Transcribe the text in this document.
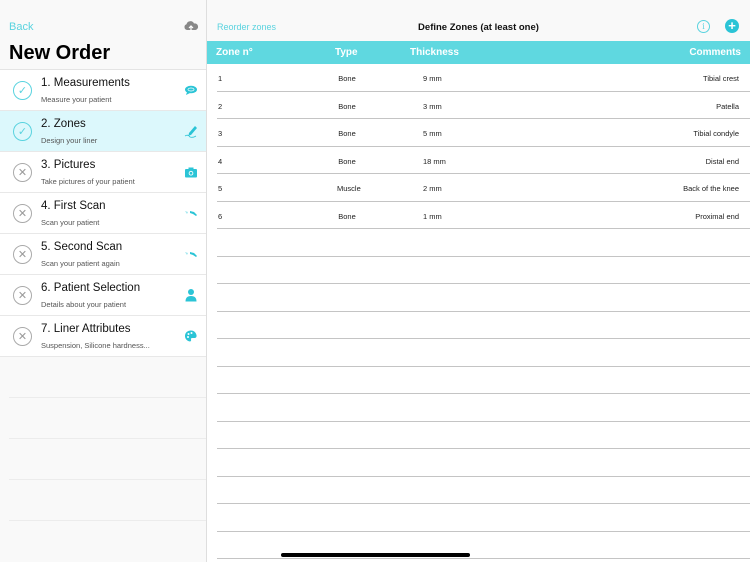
Back
New Order
✓
1. Measurements
Measure your patient
✓
2. Zones
Design your liner
✕
3. Pictures
Take pictures of your patient
✕
4. First Scan
Scan your patient
✕
5. Second Scan
Scan your patient again
✕
6. Patient Selection
Details about your patient
✕
7. Liner Attributes
Suspension, Silicone hardness...
Reorder zones	Define Zones (at least one)	i	+
Zone n°	Type	Thickness	Comments
1	Bone	9 mm	Tibial crest
2	Bone	3 mm	Patella
3	Bone	5 mm	Tibial condyle
4	Bone	18 mm	Distal end
5	Muscle	2 mm	Back of the knee
6	Bone	1 mm	Proximal end
